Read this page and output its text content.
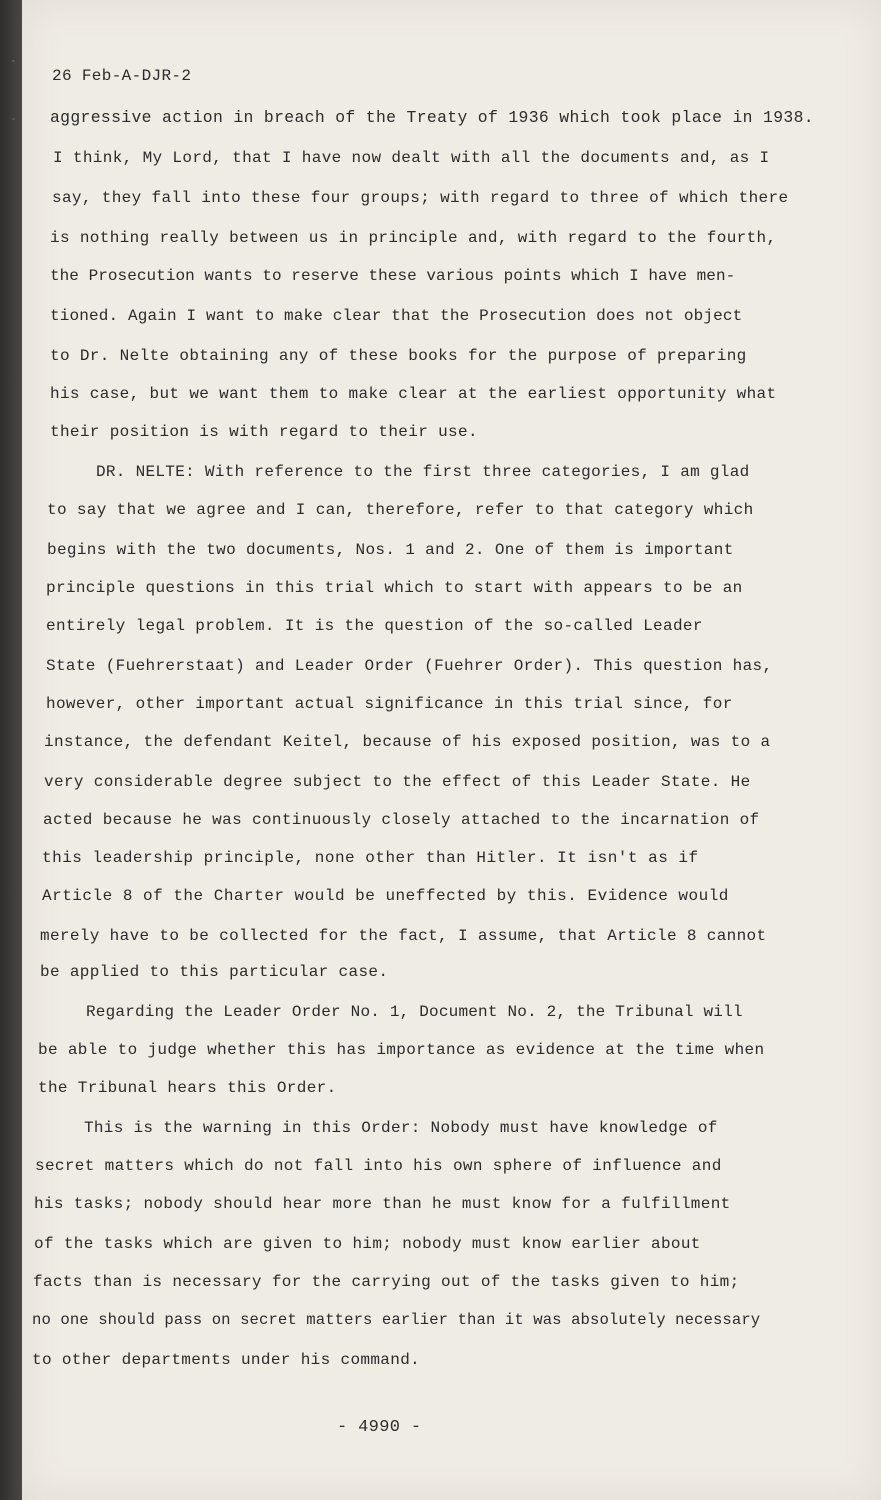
26 Feb-A-DJR-2
aggressive action in breach of the Treaty of 1936 which took place in 1938.
I think, My Lord, that I have now dealt with all the documents and, as I
say, they fall into these four groups; with regard to three of which there
is nothing really between us in principle and, with regard to the fourth,
the Prosecution wants to reserve these various points which I have men-
tioned. Again I want to make clear that the Prosecution does not object
to Dr. Nelte obtaining any of these books for the purpose of preparing
his case, but we want them to make clear at the earliest opportunity what
their position is with regard to their use.
DR. NELTE: With reference to the first three categories, I am glad
to say that we agree and I can, therefore, refer to that category which
begins with the two documents, Nos. 1 and 2. One of them is important
principle questions in this trial which to start with appears to be an
entirely legal problem. It is the question of the so-called Leader
State (Fuehrerstaat) and Leader Order (Fuehrer Order). This question has,
however, other important actual significance in this trial since, for
instance, the defendant Keitel, because of his exposed position, was to a
very considerable degree subject to the effect of this Leader State. He
acted because he was continuously closely attached to the incarnation of
this leadership principle, none other than Hitler. It isn't as if
Article 8 of the Charter would be uneffected by this. Evidence would
merely have to be collected for the fact, I assume, that Article 8 cannot
be applied to this particular case.
Regarding the Leader Order No. 1, Document No. 2, the Tribunal will
be able to judge whether this has importance as evidence at the time when
the Tribunal hears this Order.
This is the warning in this Order: Nobody must have knowledge of
secret matters which do not fall into his own sphere of influence and
his tasks; nobody should hear more than he must know for a fulfillment
of the tasks which are given to him; nobody must know earlier about
facts than is necessary for the carrying out of the tasks given to him;
no one should pass on secret matters earlier than it was absolutely necessary
to other departments under his command.
- 4990 -
